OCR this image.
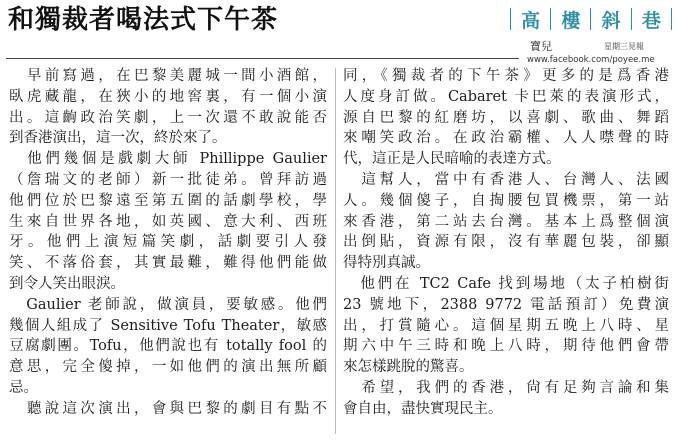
和獨裁者喝法式下午茶	高 樓 斜 巷
寶兒	星期三見報
www.facebook.com/poyee.me
　早前寫過，在巴黎美麗城一間小酒館，
臥虎藏龍，在狹小的地窖裏，有一個小演
出。這齣政治笑劇，上一次還不敢說能否
到香港演出，這一次，終於來了。
　他們幾個是戲劇大師 Phillippe Gaulier
（詹瑞文的老師）新一批徒弟。曾拜訪過
他們位於巴黎遠至第五圍的話劇學校，學
生來自世界各地，如英國、意大利、西班
牙。他們上演短篇笑劇，話劇要引人發
笑、不落俗套，其實最難，難得他們能做
到令人笑出眼淚。
　Gaulier 老師說，做演員，要敏感。他們
幾個人組成了 Sensitive Tofu Theater，敏感
豆腐劇團。Tofu，他們說也有 totally fool 的
意思，完全傻掉，一如他們的演出無所顧
忌。
　聽說這次演出，會與巴黎的劇目有點不
同，《獨裁者的下午茶》更多的是爲香港
人度身訂做。Cabaret 卡巴萊的表演形式，
源自巴黎的紅磨坊，以喜劇、歌曲、舞蹈
來嘲笑政治。在政治霸權、人人噤聲的時
代，這正是人民暗喻的表達方式。
　這幫人，當中有香港人、台灣人、法國
人。幾個傻子，自掏腰包買機票，第一站
來香港，第二站去台灣。基本上爲整個演
出倒貼，資源有限，沒有華麗包裝，卻顯
得特別真誠。
　他們在 TC2 Cafe 找到場地（太子柏樹街
23 號地下，2388 9772 電話預訂）免費演
出，打賞隨心。這個星期五晚上八時、星
期六中午三時和晚上八時，期待他們會帶
來怎樣跳脫的驚喜。
　希望，我們的香港，尙有足夠言論和集
會自由，盡快實現民主。
